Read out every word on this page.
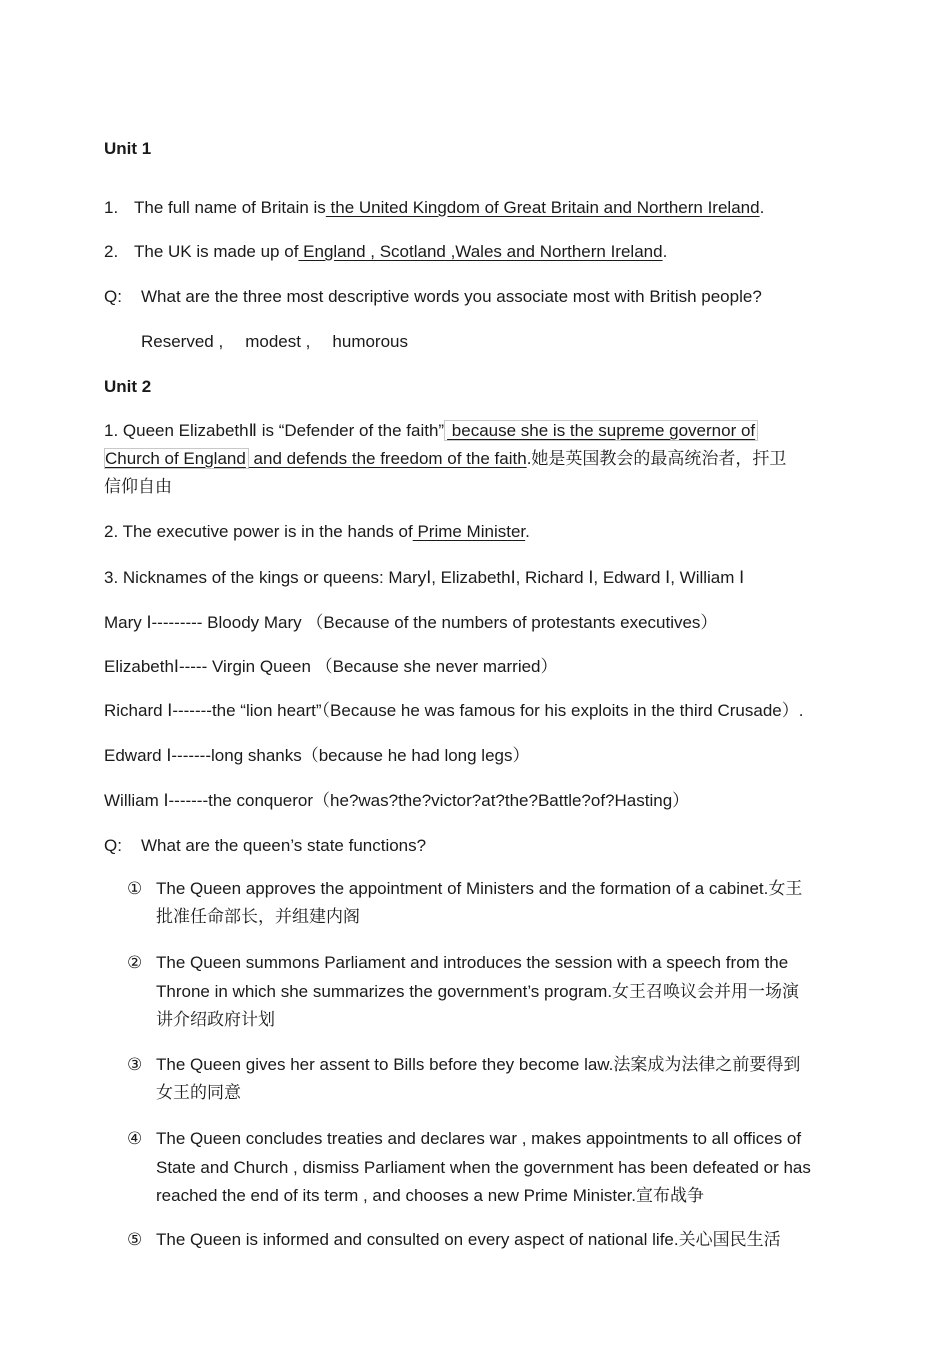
Unit 1
1. The full name of Britain is the United Kingdom of Great Britain and Northern Ireland.
2. The UK is made up of England , Scotland ,Wales and Northern Ireland.
Q: What are the three most descriptive words you associate most with British people?
Reserved , modest , humorous
Unit 2
1. Queen ElizabethⅡ is “Defender of the faith” because she is the supreme governor of
Church of England and defends the freedom of the faith.她是英国教会的最高统治者，扞卫
信仰自由
2. The executive power is in the hands of Prime Minister.
3. Nicknames of the kings or queens: MaryⅠ, ElizabethⅠ, Richard Ⅰ, Edward Ⅰ, William Ⅰ
Mary Ⅰ--------- Bloody Mary （Because of the numbers of protestants executives）
ElizabethⅠ----- Virgin Queen （Because she never married）
Richard Ⅰ-------the “lion heart”（Because he was famous for his exploits in the third Crusade）.
Edward Ⅰ-------long shanks（because he had long legs）
William Ⅰ-------the conqueror（he?was?the?victor?at?the?Battle?of?Hasting）
Q: What are the queen’s state functions?
① The Queen approves the appointment of Ministers and the formation of a cabinet.女王
批准任命部长，并组建内阁
② The Queen summons Parliament and introduces the session with a speech from the
Throne in which she summarizes the government’s program.女王召唤议会并用一场演
讲介绍政府计划
③ The Queen gives her assent to Bills before they become law.法案成为法律之前要得到
女王的同意
④ The Queen concludes treaties and declares war , makes appointments to all offices of
State and Church , dismiss Parliament when the government has been defeated or has
reached the end of its term , and chooses a new Prime Minister.宣布战争
⑤ The Queen is informed and consulted on every aspect of national life.关心国民生活
